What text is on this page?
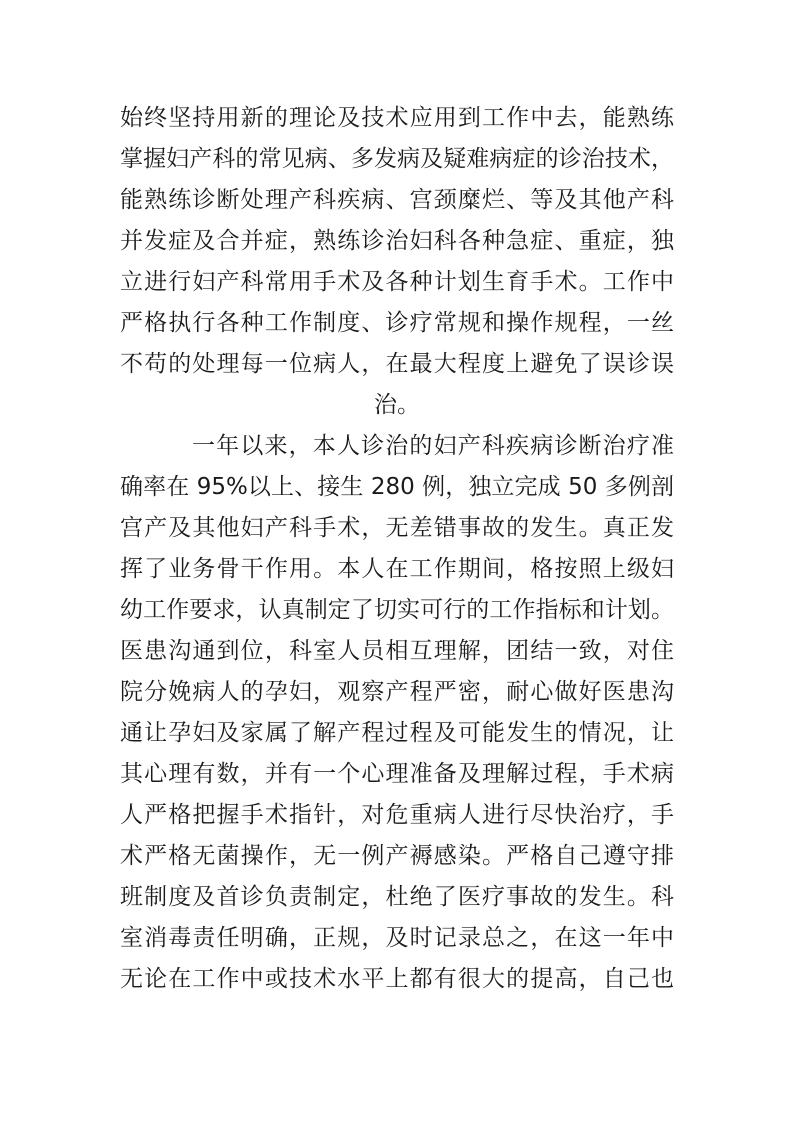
始终坚持用新的理论及技术应用到工作中去，能熟练
掌握妇产科的常见病、多发病及疑难病症的诊治技术，
能熟练诊断处理产科疾病、宫颈糜烂、等及其他产科
并发症及合并症，熟练诊治妇科各种急症、重症，独
立进行妇产科常用手术及各种计划生育手术。工作中
严格执行各种工作制度、诊疗常规和操作规程，一丝
不苟的处理每一位病人，在最大程度上避免了误诊误
治。
一年以来，本人诊治的妇产科疾病诊断治疗准
确率在 95%以上、接生 280 例，独立完成 50 多例剖
宫产及其他妇产科手术，无差错事故的发生。真正发
挥了业务骨干作用。本人在工作期间，格按照上级妇
幼工作要求，认真制定了切实可行的工作指标和计划。
医患沟通到位，科室人员相互理解，团结一致，对住
院分娩病人的孕妇，观察产程严密，耐心做好医患沟
通让孕妇及家属了解产程过程及可能发生的情况，让
其心理有数，并有一个心理准备及理解过程，手术病
人严格把握手术指针，对危重病人进行尽快治疗，手
术严格无菌操作，无一例产褥感染。严格自己遵守排
班制度及首诊负责制定，杜绝了医疗事故的发生。科
室消毒责任明确，正规，及时记录总之，在这一年中
无论在工作中或技术水平上都有很大的提高，自己也
